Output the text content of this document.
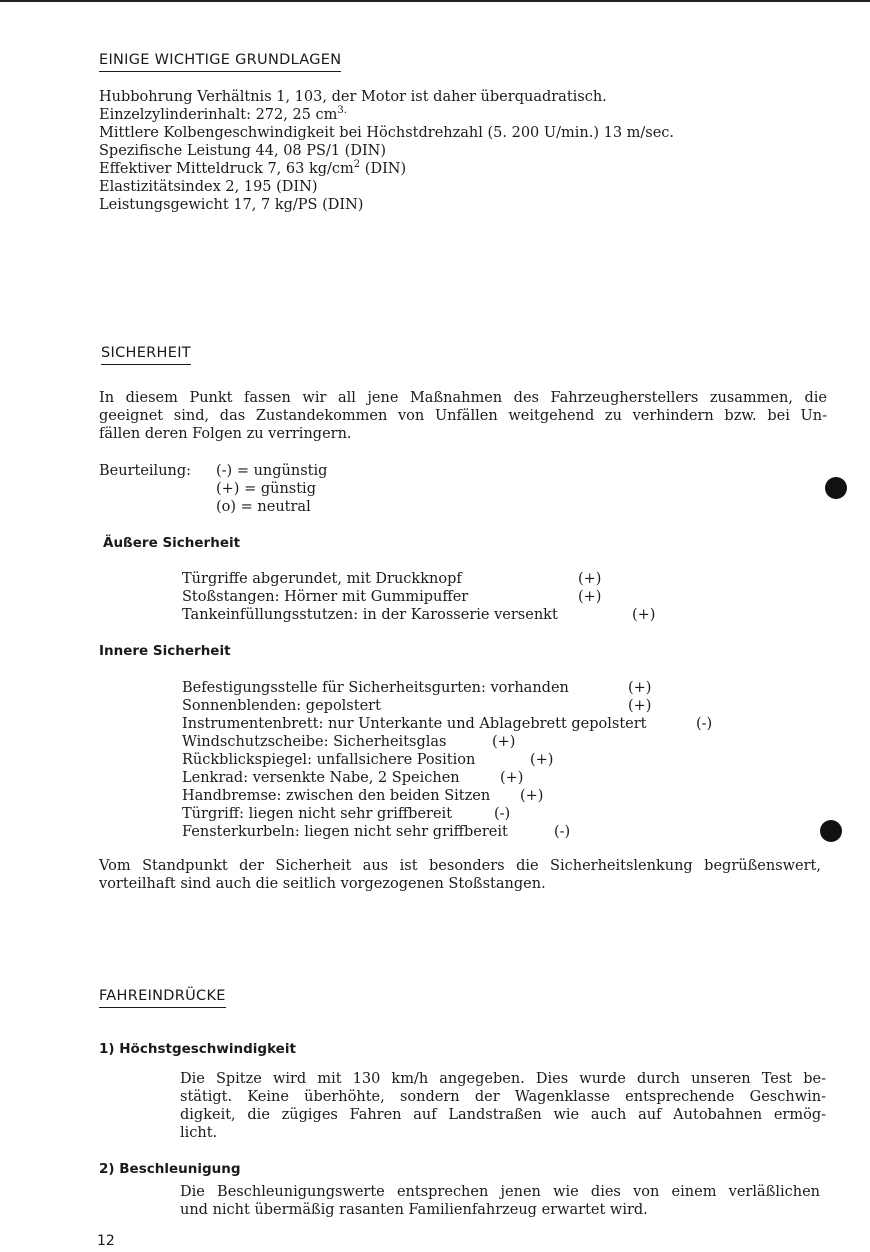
EINIGE WICHTIGE GRUNDLAGEN
Hubbohrung Verhältnis 1, 103, der Motor ist daher überquadratisch.
Einzelzylinderinhalt: 272, 25 $cm^{3.}$
Mittlere Kolbengeschwindigkeit bei Höchstdrehzahl (5. 200 U/min.) 13 m/sec.
Spezifische Leistung 44, 08 PS/1 (DIN)
Effektiver Mitteldruck 7, 63 $kg/cm^2$ (DIN)
Elastizitätsindex 2, 195 (DIN)
Leistungsgewicht 17, 7 kg/PS (DIN)
SICHERHEIT
In diesem Punkt fassen wir all jene Maßnahmen des Fahrzeugherstellers zusammen, die
geeignet sind, das Zustandekommen von Unfällen weitgehend zu verhindern bzw. bei Un-
fällen deren Folgen zu verringern.
Beurteilung: (-) = ungünstig
(+) = günstig
(o) = neutral
Äußere Sicherheit
Türgriffe abgerundet, mit Druckknopf	(+)
Stoßstangen: Hörner mit Gummipuffer	(+)
Tankeinfüllungsstutzen: in der Karosserie versenkt	(+)
Innere Sicherheit
Befestigungsstelle für Sicherheitsgurten: vorhanden	(+)
Sonnenblenden: gepolstert	(+)
Instrumentenbrett: nur Unterkante und Ablagebrett gepolstert	(-)
Windschutzscheibe: Sicherheitsglas	(+)
Rückblickspiegel: unfallsichere Position	(+)
Lenkrad: versenkte Nabe, 2 Speichen	(+)
Handbremse: zwischen den beiden Sitzen (+)
Türgriff: liegen nicht sehr griffbereit	(-)
Fensterkurbeln: liegen nicht sehr griffbereit	(-)
Vom Standpunkt der Sicherheit aus ist besonders die Sicherheitslenkung begrüßenswert,
vorteilhaft sind auch die seitlich vorgezogenen Stoßstangen.
FAHREINDRÜCKE
1) Höchstgeschwindigkeit
Die Spitze wird mit 130 km/h angegeben. Dies wurde durch unseren Test be-
stätigt. Keine überhöhte, sondern der Wagenklasse entsprechende Geschwin-
digkeit, die zügiges Fahren auf Landstraßen wie auch auf Autobahnen ermög-
licht.
2) Beschleunigung
Die Beschleunigungswerte entsprechen jenen wie dies von einem verläßlichen
und nicht übermäßig rasanten Familienfahrzeug erwartet wird.
12
